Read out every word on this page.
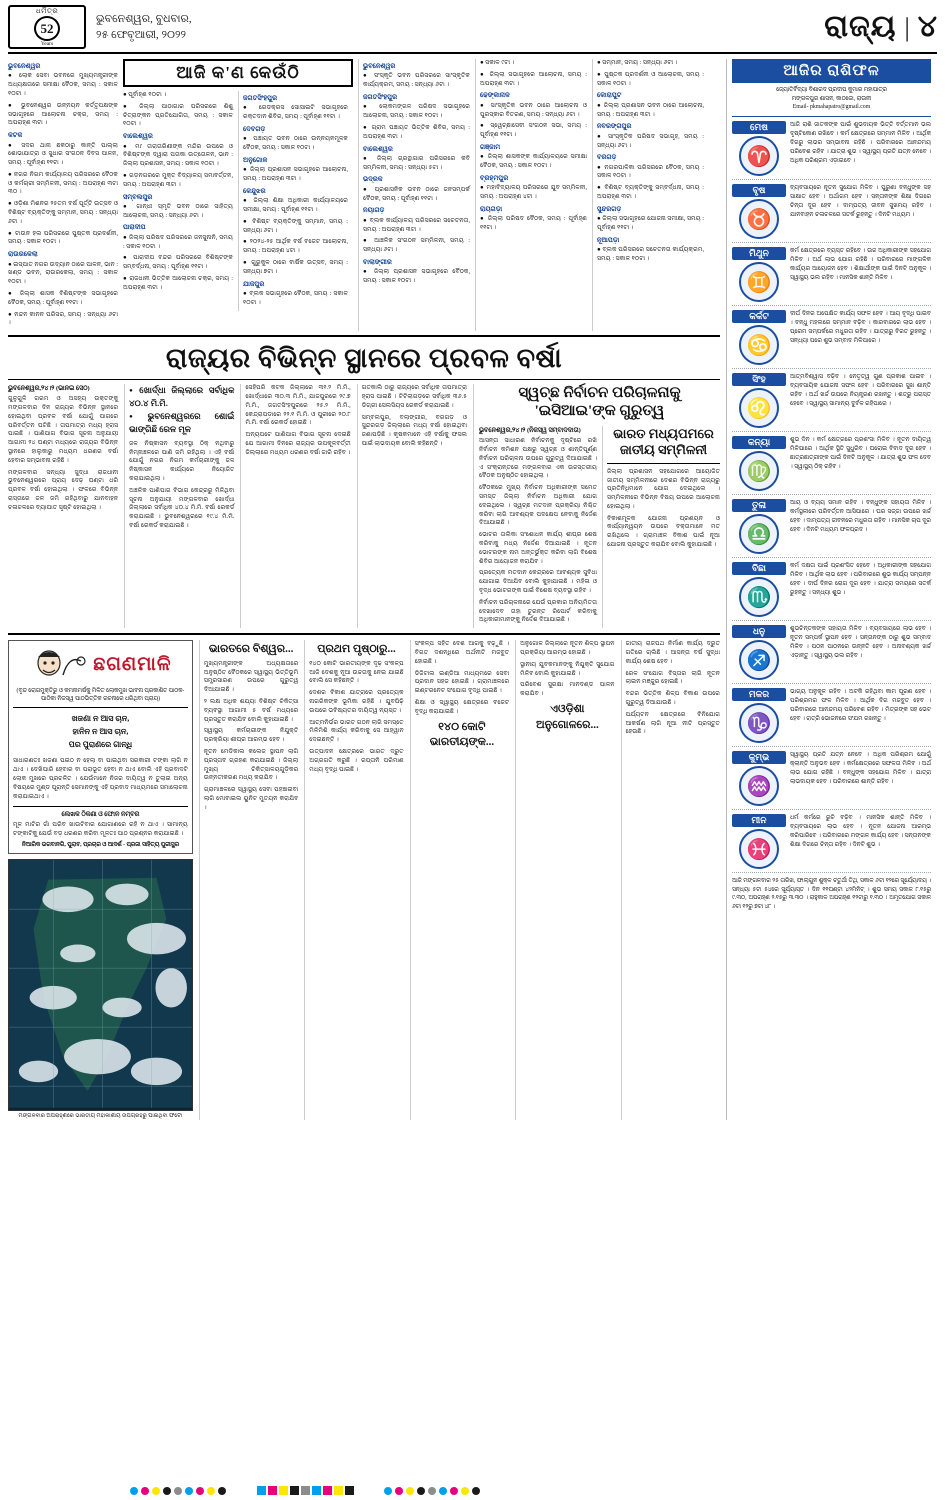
ଧର୍ମିତ୍ର
52
Years
ଭୁବନେଶ୍ୱର, ବୁଧବାର,
୨୫ ଫେବୃଆରୀ, ୨୦୨୨	ରାଜ୍ୟ | ୪
ଭୁବନେଶ୍ୱର

● ଲୋକ ସେବା ଭବନରେ ମୁଖ୍ୟମନ୍ତ୍ରୀଙ୍କ ଅଧ୍ୟକ୍ଷତାରେ ସମୀକ୍ଷା ବୈଠକ, ସମୟ : ସକାଳ ୧୦ଟା ।

● ଭୁବନେଶ୍ୱର ଉନ୍ନୟନ କର୍ତ୍ତୃପକ୍ଷଙ୍କ ସଭାଗୃହରେ ଆଲୋଚନା ଚକ୍ର, ସମୟ : ଅପରାହ୍ଣ ୩ଟା ।

କଟକ

● ସଦର ଥାନା ଛକଠାରୁ କାନ୍ତି ପାଲ୍ଲା ଶୋଭାଯାତ୍ରା ଓ ସୁଧାର ସଂଗଠନ ଦିବସ ପାଳନ, ସମୟ : ପୂର୍ବାହ୍ଣ ୧୧ଟା ।

● ନଗର ନିଗମ କାର୍ଯ୍ୟାଳୟ ପରିସରରେ ବୈଠକ ଓ କର୍ମଚାରୀ ସମ୍ମିଳନୀ, ସମୟ : ଅପରାହ୍ଣ ୩ଟା ୩୦ ।

● ଓଡ଼ିଶା ମିଶନର ୨୫ତମ ବର୍ଷ ପୂର୍ତ୍ତି ଉତ୍ସବ ଓ ବିଶିଷ୍ଟ ବ୍ୟକ୍ତିଙ୍କୁ ସମ୍ମାନ, ସମୟ : ସନ୍ଧ୍ୟା ୬ଟା ।

● ଟାଉନ ହଲ ପରିସରରେ ପୁଷ୍ତକ ପ୍ରଦର୍ଶନୀ, ସମୟ : ସକାଳ ୧୦ଟା ।

ରାଉରକେଲା

● ଇସ୍ପାତ ନଗର ଉଦ୍ୟାନ ଠାରେ ପାଳନ, ଭାନ : ଖଣ୍ଡ ଭବନ, ରାଉରକେଲା, ସମୟ : ସକାଳ ୧୦ଟା ।

● ଜିଲ୍ଲା ଶାସକ ବିଶିଷ୍ଟଙ୍କ ସଭାଗୃହରେ ବୈଠକ, ସମୟ : ପୂର୍ବାହ୍ଣ ୧୧ଟା ।

● ନନ୍ଦନ କାନନ ପରିସର, ସମୟ : ସନ୍ଧ୍ୟା ୬ଟା ।

ଆଜି କ'ଣ କେଉଁଠି

● ପୂର୍ବାହ୍ଣ ୧୦ଟା ।

● ଜିଲ୍ଲା ପାଠାଗାର ପରିସରରେ ଶିଶୁ ଚିତ୍ରାଙ୍କନ ପ୍ରତିଯୋଗିତା, ସମୟ : ସକାଳ ୧୦ଟା ।

ବାଲେଶ୍ୱର

● ମା' ତାରାତାରିଣୀଙ୍କ ମନ୍ଦିର ଉପରେ ଓ ବିଶିଷ୍ଟଙ୍କ ଦ୍ୱାରା ପତାକା ଉତ୍ତୋଳନ, ଭାନ : ଜିଲ୍ଲା ପ୍ରଶାସନ, ସମୟ : ସକାଳ ୧୦ଟା ।

● ଗଡ଼ନଗରରେ ମୁକ୍ତ ବିଦ୍ୟାଳୟ ସମାବର୍ତ୍ତନ, ସମୟ : ଅପରାହ୍ଣ ୩ଟା ।

ସମ୍ବଲପୁର

● ଗାନ୍ଧୀ ସ୍ମୃତି ଭବନ ଠାରେ ସାହିତ୍ୟ ଆଲୋଚନା, ସମୟ : ସନ୍ଧ୍ୟା ୬ଟା ।

ପାରାଦୀପ

● ଜିଲ୍ଲା ପରିଷଦ ପରିସରରେ ଜନସୁନାନି, ସମୟ : ସକାଳ ୧୦ଟା ।

● ପାରାଦୀପ ବନ୍ଦର ପରିସରରେ ବିଶିଷ୍ଟଙ୍କ ସମ୍ବର୍ଦ୍ଧନା, ସମୟ : ପୂର୍ବାହ୍ଣ ୧୧ଟା ।

● ରାଜଧାନୀ ଭିତ୍ତିକ ଆଲୋଚନା ଚକ୍ର, ସମୟ : ଅପରାହ୍ଣ ୩ଟା ।

ଜଗତସିଂହପୁର

● ରେଡକ୍ରସ ସୋସାଇଟି ସଭାଗୃହରେ ରକ୍ତଦାନ ଶିବିର, ସମୟ : ପୂର୍ବାହ୍ଣ ୧୧ଟା ।

ଦେବଗଡ଼

● ପଞ୍ଚାୟତ ଭବନ ଠାରେ ଉନ୍ନୟନମୂଳକ ବୈଠକ, ସମୟ : ସକାଳ ୧୦ଟା ।

ଅନୁଗୋଳ

● ଜିଲ୍ଲା ପ୍ରଶାସନ ସଭାଗୃହରେ ଆଲୋଚନା, ସମୟ : ଅପରାହ୍ଣ ୩ଟା ।

କେନ୍ଦୁଝର

● ଜିଲ୍ଲା ଶିକ୍ଷା ଅଧିକାରୀ କାର୍ଯ୍ୟାଳୟରେ ସମୀକ୍ଷା, ସମୟ : ପୂର୍ବାହ୍ଣ ୧୧ଟା ।

● ବିଶିଷ୍ଟ ବ୍ୟକ୍ତିଙ୍କୁ ସମ୍ମାନ, ସମୟ : ସନ୍ଧ୍ୟା ୬ଟା ।

● ୨୦୨୪-୨୫ ଆର୍ଥିକ ବର୍ଷ ବଜେଟ ଆଲୋଚନା, ସମୟ : ଅପରାହ୍ଣ ୪ଟା ।

● ଗୁରୁକୁଳ ଠାରେ ବାର୍ଷିକ ଉତ୍ସବ, ସମୟ : ସନ୍ଧ୍ୟା ୭ଟା ।

ଯାଜପୁର

● ବ୍ଲକ ସଭାଗୃହରେ ବୈଠକ, ସମୟ : ସକାଳ ୧୦ଟା ।

ଭୁବନେଶ୍ୱର

● ସଂସ୍କୃତି ଭବନ ପରିସରରେ ସାଂସ୍କୃତିକ କାର୍ଯ୍ୟକ୍ରମ, ସମୟ : ସନ୍ଧ୍ୟା ୬ଟା ।

ଜଗତସିଂହପୁର

● ଲୋକମଙ୍ଗଳ ପରିଷଦ ସଭାଗୃହରେ ଆଲୋଚନା, ସମୟ : ସକାଳ ୧୦ଟା ।

● ଗ୍ରାମ ପଞ୍ଚାୟତ ଭିତ୍ତିକ ଶିବିର, ସମୟ : ଅପରାହ୍ଣ ୩ଟା ।

ବାଲେଶ୍ୱର

● ଜିଲ୍ଲା ଗ୍ରନ୍ଥାଗାର ପରିସରରେ କବି ସମ୍ମିଳନୀ, ସମୟ : ସନ୍ଧ୍ୟା ୫ଟା ।

ଭଦ୍ରକ

● ପ୍ରଶାସନିକ ଭବନ ଠାରେ ଜନସମ୍ପର୍କ ବୈଠକ, ସମୟ : ପୂର୍ବାହ୍ଣ ୧୧ଟା ।

ନୟାଗଡ଼

● ବ୍ଲକ କାର୍ଯ୍ୟାଳୟ ପରିସରରେ ସଚେତନତା, ସମୟ : ଅପରାହ୍ଣ ୩ଟା ।

● ଆଞ୍ଚଳିକ ସଂଗଠନ ସମ୍ମିଳନୀ, ସମୟ : ସନ୍ଧ୍ୟା ୬ଟା ।

ବାଲାଙ୍ଗୀର

● ଜିଲ୍ଲା ପ୍ରଶାସନ ସଭାଗୃହରେ ବୈଠକ, ସମୟ : ସକାଳ ୧୦ଟା ।

● ସକାଳ ୯ଟା ।

● ଜିଲ୍ଲା ସଭାଗୃହରେ ଆଲୋଚନା, ସମୟ : ଅପରାହ୍ଣ ୩ଟା ।

ଢେଙ୍କାନାଳ

● ସାଂସ୍କୃତିକ ଭବନ ଠାରେ ଆଲୋଚନା ଓ ପୁରସ୍କାର ବିତରଣ, ସମୟ : ସନ୍ଧ୍ୟା ୬ଟା ।

● ସ୍ୱେଚ୍ଛାସେବୀ ସଂଗଠନ ସଭା, ସମୟ : ପୂର୍ବାହ୍ଣ ୧୧ଟା ।

ଗଞ୍ଜାମ

● ଜିଲ୍ଲା ଶାସକଙ୍କ କାର୍ଯ୍ୟାଳୟରେ ସମୀକ୍ଷା ବୈଠକ, ସମୟ : ସକାଳ ୧୦ଟା ।

ବ୍ରହ୍ମପୁର

● ମହାବିଦ୍ୟାଳୟ ପରିସରରେ ଯୁବ ସମ୍ମିଳନୀ, ସମୟ : ଅପରାହ୍ଣ ୪ଟା ।

ରାୟଗଡ଼ା

● ଜିଲ୍ଲା ପରିଷଦ ବୈଠକ, ସମୟ : ପୂର୍ବାହ୍ଣ ୧୧ଟା ।

● ସମ୍ମାନ, ସମୟ : ସନ୍ଧ୍ୟା ୬ଟା ।

● ପୁଷ୍ତକ ପ୍ରଦର୍ଶନୀ ଓ ଆଲୋଚନା, ସମୟ : ସକାଳ ୧୦ଟା ।

କୋରାପୁଟ

● ଜିଲ୍ଲା ପ୍ରଶାସନ ଭବନ ଠାରେ ଆଲୋଚନା, ସମୟ : ଅପରାହ୍ଣ ୩ଟା ।

ନବରଙ୍ଗପୁର

● ସାଂସ୍କୃତିକ ପରିଷଦ ସଭାଗୃହ, ସମୟ : ସନ୍ଧ୍ୟା ୬ଟା ।

ବରଗଡ଼

● ନଗରପାଳିକା ପରିସରରେ ବୈଠକ, ସମୟ : ସକାଳ ୧୦ଟା ।

● ବିଶିଷ୍ଟ ବ୍ୟକ୍ତିଙ୍କୁ ସମ୍ବର୍ଦ୍ଧନା, ସମୟ : ଅପରାହ୍ଣ ୩ଟା ।

ସୁନ୍ଦରଗଡ଼

● ଜିଲ୍ଲା ସଭାଗୃହରେ ଯୋଜନା ସମୀକ୍ଷା, ସମୟ : ପୂର୍ବାହ୍ଣ ୧୧ଟା ।

ନୂଆପଡ଼ା

● ବ୍ଲକ ପରିସରରେ ସଚେତନତା କାର୍ଯ୍ୟକ୍ରମ, ସମୟ : ସକାଳ ୧୦ଟା ।

ରାଜ୍ୟର ବିଭିନ୍ନ ସ୍ଥାନରେ ପ୍ରବଳ ବର୍ଷା
ଭୁବନେଶ୍ୱର,୨୪।୨ (ଭାନଇ ସେଠ)

ଗୁଳୁଗୁଳି ଗରମ ଓ ଅସହ୍ୟ ଉକ୍ତଙ୍କୁ ମଙ୍ଗଳବାର ଦିନ ରାଜ୍ୟର ବିଭିନ୍ନ ସ୍ଥାନରେ ହୋଇଥିବା ପ୍ରବଳ ବର୍ଷା ଯୋଗୁଁ ପାଗରେ ପରିବର୍ତ୍ତନ ଘଟିଛି । ତାପମାତ୍ରା ମଧ୍ୟ ହ୍ରାସ ପାଇଛି । ପାଣିପାଗ ବିଭାଗ ସୂଚନା ଅନୁଯାୟୀ ଆଗାମୀ ୨୪ ଘଣ୍ଟା ମଧ୍ୟରେ ରାଜ୍ୟର ବିଭିନ୍ନ ସ୍ଥାନରେ ହାଲୁକାରୁ ମଧ୍ୟମ ଧରଣର ବର୍ଷା ହେବାର ସମ୍ଭାବନା ରହିଛି ।

ମଙ୍ଗଳବାର ସନ୍ଧ୍ୟା ସୁଦ୍ଧା ରାଜଧାନୀ ଭୁବନେଶ୍ୱରରେ ପ୍ରାୟ ଦେଢ଼ ଘଣ୍ଟା ଧରି ପ୍ରବଳ ବର୍ଷା ହୋଇଥିଲା । ଫଳରେ ବିଭିନ୍ନ ରାସ୍ତାରେ ଜଳ ଜମି ରହିଥିବାରୁ ଯାନବାହନ ଚଳାଚଳରେ ବ୍ୟାଘାତ ସୃଷ୍ଟି ହୋଇଥିଲା ।

● ଖୋର୍ଦ୍ଧା ଜିଲ୍ଲାରେ ସର୍ବାଧିକ ୪୦.୪ ମି.ମି.
● ଭୁବନେଶ୍ୱରରେ ଶୋଇଁ ଭାଙ୍ଗିଛି ରେଳ ମୂଳ

ଜଳ ନିଷ୍କାସନ ବ୍ୟବସ୍ଥା ଠିକ୍ ନଥିବାରୁ ନିମ୍ନାଞ୍ଚଳରେ ପାଣି ଜମି ରହିଥିଲା । ଏହି ବର୍ଷା ଯୋଗୁଁ ନଗର ନିଗମ କର୍ମଚାରୀଙ୍କୁ ଜଳ ନିଷ୍କାସନ କାର୍ଯ୍ୟରେ ନିୟୋଜିତ କରାଯାଇଥିଲା ।

ଅଞ୍ଚଳିକ ପାଣିପାଗ ବିଭାଗ କେନ୍ଦ୍ରରୁ ମିଳିଥିବା ସୂଚନା ଅନୁଯାୟୀ ମଙ୍ଗଳବାର ଖୋର୍ଦ୍ଧା ଜିଲ୍ଲାରେ ସର୍ବାଧିକ ୪୦.୪ ମି.ମି. ବର୍ଷା ରେକର୍ଡ କରାଯାଇଛି । ଭୁବନେଶ୍ୱରରେ ୧୯.୪ ମି.ମି. ବର୍ଷା ରେକର୍ଡ କରାଯାଇଛି ।

ସେହିପରି କଟକ ଜିଲ୍ଲାରେ ୩୧.୨ ମି.ମି., ଖୋର୍ଦ୍ଧାରେ ୩୦.୩ ମି.ମି., ଯାଜପୁରରେ ୨୯.୭ ମି.ମି., ଜଗତସିଂହପୁରରେ ୨୫.୨ ମି.ମି., କେନ୍ଦ୍ରାପଡ଼ାରେ ୨୨.୧ ମି.ମି. ଓ ପୁରୀରେ ୨୦.୮ ମି.ମି. ବର୍ଷା ରେକର୍ଡ ହୋଇଛି ।

ଅନ୍ୟପଟେ ପାଣିପାଗ ବିଭାଗ ସୂଚନା ଦେଇଛି ଯେ ଆଗାମୀ ଦିନରେ ରାଜ୍ୟର ଉପକୂଳବର୍ତ୍ତୀ ଜିଲ୍ଲାରେ ମଧ୍ୟମ ଧରଣର ବର୍ଷା ଜାରି ରହିବ ।

ଗତକାଲି ଠାରୁ ରାଜ୍ୟରେ ସର୍ବାଧିକ ତାପମାତ୍ରା ହ୍ରାସ ପାଇଛି । ଟିଟିଲାଗଡ଼ରେ ସର୍ବାଧିକ ୩୬.୫ ଡିଗ୍ରୀ ସେଲସିୟସ ରେକର୍ଡ କରାଯାଇଛି ।

ସମ୍ବଲପୁର, ବଲାଙ୍ଗୀର, ବରଗଡ଼ ଓ ସୁନ୍ଦରଗଡ଼ ଜିଲ୍ଲାରେ ମଧ୍ୟ ବର୍ଷା ହୋଇଥିବା ଜଣାପଡ଼ିଛି । କୃଷକମାନେ ଏହି ବର୍ଷାକୁ ଫସଲ ପାଇଁ ଲାଭଦାୟକ ବୋଲି କହିଛନ୍ତି ।

ସ୍ୱଚ୍ଛ ନିର୍ବାଚନ ପରିଚାଳନାକୁ 'ଇସିଆଇ'ଙ୍କ ଗୁରୁତ୍ୱ
ଭୁବନେଶ୍ୱର,୨୪।୨ (ନିଜସ୍ୱ ସମ୍ବାଦଦାତା)

ଆସନ୍ତା ସାଧାରଣ ନିର୍ବାଚନକୁ ଦୃଷ୍ଟିରେ ରଖି ନିର୍ବାଚନ କମିଶନ ପକ୍ଷରୁ ସ୍ୱଚ୍ଛ ଓ ଶାନ୍ତିପୂର୍ଣ୍ଣ ନିର୍ବାଚନ ପରିଚାଳନା ଉପରେ ଗୁରୁତ୍ୱ ଦିଆଯାଇଛି । ଏ ସଂକ୍ରାନ୍ତରେ ମଙ୍ଗଳବାର ଏକ ଉଚ୍ଚସ୍ତରୀୟ ବୈଠକ ଅନୁଷ୍ଠିତ ହୋଇଥିଲା ।

ବୈଠକରେ ମୁଖ୍ୟ ନିର୍ବାଚନ ଅଧିକାରୀଙ୍କ ସମେତ ସମସ୍ତ ଜିଲ୍ଲା ନିର୍ବାଚନ ଅଧିକାରୀ ଯୋଗ ଦେଇଥିଲେ । ସ୍ୱଚ୍ଛ ମତଦାନ ପ୍ରକ୍ରିୟା ନିଶ୍ଚିତ କରିବା ଲାଗି ଆବଶ୍ୟକ ପଦକ୍ଷେପ ନେବାକୁ ନିର୍ଦ୍ଦେଶ ଦିଆଯାଇଛି ।

ଭୋଟର ତାଲିକା ସଂଶୋଧନ କାର୍ଯ୍ୟ ଶୀଘ୍ର ଶେଷ କରିବାକୁ ମଧ୍ୟ ନିର୍ଦ୍ଦେଶ ଦିଆଯାଇଛି । ନୂତନ ଭୋଟରଙ୍କ ନାମ ଅନ୍ତର୍ଭୁକ୍ତ କରିବା ଲାଗି ବିଶେଷ ଶିବିର ଆୟୋଜନ କରାଯିବ ।

ପ୍ରତ୍ୟେକ ମତଦାନ କେନ୍ଦ୍ରରେ ଆବଶ୍ୟକ ସୁବିଧା ଯୋଗାଇ ଦିଆଯିବ ବୋଲି କୁହାଯାଇଛି । ମହିଳା ଓ ବୃଦ୍ଧ ଭୋଟରଙ୍କ ପାଇଁ ବିଶେଷ ବ୍ୟବସ୍ଥା ରହିବ ।

ନିର୍ବାଚନ ପରିଚାଳନାରେ ଯେଉଁ ପ୍ରକାର ଅନିୟମିତତା ଦେଖାଦେବ ତାହା ତୁରନ୍ତ ରିପୋର୍ଟ କରିବାକୁ ଅଧିକାରୀମାନଙ୍କୁ ନିର୍ଦ୍ଦେଶ ଦିଆଯାଇଛି ।

ଭାରତ ମଧ୍ୟପମରେ ଜାତୀୟ ସମ୍ମିଳନୀ

ଜିଲ୍ଲା ପ୍ରଶାସନ ସହଯୋଗରେ ଆୟୋଜିତ ଜାତୀୟ ସମ୍ମିଳନୀରେ ଦେଶର ବିଭିନ୍ନ ରାଜ୍ୟରୁ ପ୍ରତିନିଧିମାନେ ଯୋଗ ଦେଇଥିଲେ । ସମ୍ମିଳନୀରେ ବିଭିନ୍ନ ବିଷୟ ଉପରେ ଆଲୋଚନା ହୋଇଥିଲା ।

ବିକାଶମୂଳକ ଯୋଜନା ପ୍ରଣୟନ ଓ କାର୍ଯ୍ୟାନ୍ୱୟନ ଉପରେ ବକ୍ତାମାନେ ମତ ରଖିଥିଲେ । ଗ୍ରାମାଞ୍ଚଳ ବିକାଶ ପାଇଁ ନୂଆ ଯୋଜନା ପ୍ରସ୍ତୁତ କରାଯିବ ବୋଲି କୁହାଯାଇଛି ।

ଛଗଣମାଳି
(ବୃନ୍ଦ ରୋଗମୁକ୍ତିରୁ ଓ କମନାମର୍ଷକୁ ମିଳିତ ଲୋକମୁଖ ଭାବନା ପ୍ରକାଶିତ ପାଠକ-ପାଠିକା ନିଜସ୍ୱ ପାଠଭିତ୍ତିକ ରଚନାରେ ଧରିଥିବା ପ୍ରାୟ)
ଖଜଣା ନ ଆସ ଚାନ,
ହାନିନ ନ ଆସ ଚାନ,
ପର ପୁରାଣରେ ଗାନ୍ଧି
ସାଧାରଣତଃ ଖଜଣା ପଇଠ ନ ହେଲା ବା ପାଇଥିବା ସରକାରୀ ଟଙ୍କା ଲାଗି ନ ଥାଏ । ଦେଖିପାରି ହେବାର ବା ପରାଭୂତ ହେବା ନ ଥାଏ ବୋଲି ଏହି ପ୍ରବାଦଟି ଲୋକ ମୁଖରେ ପ୍ରଚଳିତ । ଯେଉଁମାନେ ନିଜର ଦାୟିତ୍ୱ ନ ତୁଲାଇ ଅନ୍ୟ ବିଷୟରେ ମୁଣ୍ଡ ପୂରାନ୍ତି ସେମାନଙ୍କୁ ଏହି ପ୍ରବାଦ ମାଧ୍ୟମରେ ସମାଲୋଚନା କରାଯାଇଥାଏ ।
ଲେଖକ ଠିକଣା ଓ ଫୋନ ନମ୍ବର
ମୂଳ ମାଟିର ଗାଁ ପରିବ ଖାଉଟିବାର ଯୋଗାଣରେ ରହି ନ ଥାଏ । ସାମାନ୍ୟ ଟଙ୍କାଟିକୁ ଯେଉଁ ବଡ଼ ଧରଣର କରିବା ମୂଳତଃ ପାଠ ପ୍ରଶ୍ନର କରାଯାଇଛି ।
ନିଆରିକ ଭଗବାନଗି, ପୁରାବ, ପ୍ରଚାର ଓ ଆଦର୍ଶ - ପ୍ରଜା ସାହିତ୍ୟ ପୁରୀସ୍କ୍ର
ମଙ୍ଗଳବାର ଅପରାହ୍ଣରେ ଭାରତୀୟ ମହାକାଶୀୟ ଉପଗ୍ରହରୁ ପାଇଥିବା ଫଟୋ
ଭାରତରେ ବିଶ୍ୱର...

ମୁଖ୍ୟମନ୍ତ୍ରୀଙ୍କ ଅଧ୍ୟକ୍ଷତାରେ ଅନୁଷ୍ଠିତ ବୈଠକରେ ସ୍ୱାସ୍ଥ୍ୟ ଭିତ୍ତିଭୂମି ସମ୍ପ୍ରସାରଣ ଉପରେ ଗୁରୁତ୍ୱ ଦିଆଯାଇଛି ।

୨ ଲକ୍ଷ ଅଧିକ ଶଯ୍ୟା ବିଶିଷ୍ଟ ଚିକିତ୍ସା ବ୍ୟବସ୍ଥା ଆଗାମୀ ୫ ବର୍ଷ ମଧ୍ୟରେ ପ୍ରସ୍ତୁତ କରାଯିବ ବୋଲି କୁହାଯାଇଛି ।

ସ୍ୱାସ୍ଥ୍ୟ କର୍ମଚାରୀଙ୍କ ନିଯୁକ୍ତି ପ୍ରକ୍ରିୟା ଶୀଘ୍ର ଆରମ୍ଭ ହେବ ।

ନୂତନ ମେଡିକାଲ କଲେଜ ସ୍ଥାପନ ଲାଗି ପ୍ରସ୍ତାବ ଗ୍ରହଣ କରାଯାଇଛି । ଜିଲ୍ଲା ମୁଖ୍ୟ ଚିକିତ୍ସାଳୟଗୁଡ଼ିକର ଉନ୍ନତୀକରଣ ମଧ୍ୟ କରାଯିବ ।

ଗ୍ରାମାଞ୍ଚଳରେ ସ୍ୱାସ୍ଥ୍ୟ ସେବା ପହଞ୍ଚାଇବା ଲାଗି ମୋବାଇଲ ୟୁନିଟ ମୁତୟନ କରାଯିବ ।

ପ୍ରଥମ ପୃଷ୍ଠାରୁ...

୧୪୦ କୋଟି ଭାରତୀୟଙ୍କ ଦୃଢ଼ ସଂକଳ୍ପ ଆଜି ଦେଶକୁ ନୂଆ ଉଚ୍ଚତାକୁ ନେଇ ଯାଇଛି ବୋଲି ସେ କହିଛନ୍ତି ।

ଦେଶର ବିକାଶ ଯାତ୍ରାରେ ପ୍ରତ୍ୟେକ ନାଗରିକଙ୍କ ଭୂମିକା ରହିଛି । ଯୁବପିଢ଼ି ଉପରେ ଭବିଷ୍ୟତର ଦାୟିତ୍ୱ ନ୍ୟସ୍ତ ।

ଆତ୍ମନିର୍ଭର ଭାରତ ଗଠନ ଲାଗି ସମସ୍ତେ ମିଳିମିଶି କାର୍ଯ୍ୟ କରିବାକୁ ସେ ଆହ୍ୱାନ ଦେଇଛନ୍ତି ।

ଉତ୍ପାଦନ କ୍ଷେତ୍ରରେ ଭାରତ ଦ୍ରୁତ ଅଗ୍ରଗତି କରୁଛି । ରପ୍ତାନି ପରିମାଣ ମଧ୍ୟ ବୃଦ୍ଧି ପାଇଛି ।

ସଂକଳ୍ପ ସହିତ ଦେଶ ଆଗକୁ ବଢ଼ୁଛି । ବିଗତ ଦଶନ୍ଧିରେ ଅର୍ଥନୀତି ମଜବୁତ ହୋଇଛି ।

ଡିଜିଟାଲ ଇଣ୍ଡିଆ ମାଧ୍ୟମରେ ସେବା ପ୍ରଦାନ ସହଜ ହୋଇଛି । ଗ୍ରାମାଞ୍ଚଳରେ ଇଣ୍ଟରନେଟ ସଂଯୋଗ ବୃଦ୍ଧି ପାଇଛି ।

ଶିକ୍ଷା ଓ ସ୍ୱାସ୍ଥ୍ୟ କ୍ଷେତ୍ରରେ ବଜେଟ ବୃଦ୍ଧି କରାଯାଇଛି ।

୧୪୦ କୋଟି ଭାରତୀୟଙ୍କ...

ଅନୁଗୋଳ ଜିଲ୍ଲାରେ ନୂତନ ଶିଳ୍ପ ସ୍ଥାପନ ପ୍ରକ୍ରିୟା ଆରମ୍ଭ ହୋଇଛି ।

ସ୍ଥାନୀୟ ଯୁବକମାନଙ୍କୁ ନିଯୁକ୍ତି ସୁଯୋଗ ମିଳିବ ବୋଲି କୁହାଯାଇଛି ।

ପରିବେଶ ସୁରକ୍ଷା ମାନଦଣ୍ଡ ପାଳନ କରାଯିବ ।

ଏଓଡ଼ିଶା ଅନୁଗୋଳରେ...

ଜାତୀୟ ରାଜପଥ ନିର୍ମାଣ କାର୍ଯ୍ୟ ଦ୍ରୁତ ଗତିରେ ଚାଲିଛି । ଆସନ୍ତା ବର୍ଷ ସୁଦ୍ଧା କାର୍ଯ୍ୟ ଶେଷ ହେବ ।

ରେଳ ସଂଯୋଗ ବିସ୍ତାର ଲାଗି ନୂତନ ଲାଇନ ମଞ୍ଜୁର ହୋଇଛି ।

ବନ୍ଦର ଭିତ୍ତିକ ଶିଳ୍ପ ବିକାଶ ଉପରେ ଗୁରୁତ୍ୱ ଦିଆଯାଉଛି ।

ପର୍ଯ୍ୟଟନ କ୍ଷେତ୍ରରେ ବିନିଯୋଗ ଆକର୍ଷଣ ଲାଗି ନୂଆ ନୀତି ପ୍ରସ୍ତୁତ ହେଉଛି ।

ଆଜିର ରାଶିଫଳ
ଜ୍ୟୋତିର୍ବିଦ୍ୟା ବିଶାରଦ ପ୍ରଦୀପ କୁମାର ମହାପାତ୍ର
ମଙ୍ଗଳପୁର ଶାସନ, କାଠଜୋ, ରାଉନୀ
Email- pkmahapatro@gmail.com
ମେଷ
♈
ଆଜି ରାଶି ଜାତକଙ୍କ ପାଇଁ ଶୁଭଦାୟକ ଭିତ୍ତି ବର୍ତ୍ତମାନ ଭଲ ଦୃଷ୍ଟିକୋଣ ରଖିବେ । କର୍ମ କ୍ଷେତ୍ରରେ ସମ୍ମାନ ମିଳିବ । ଆର୍ଥିକ ଦିଗରୁ ଲାଭର ସମ୍ଭାବନା ରହିଛି । ପରିବାରରେ ଆନନ୍ଦମୟ ପରିବେଶ ରହିବ । ଯାତ୍ରା ଶୁଭ । ସ୍ୱାସ୍ଥ୍ୟ ପ୍ରତି ଯତ୍ନ ନେବେ । ଅଧିକ ପରିଶ୍ରମ ଏଡ଼ାଇବେ ।
ବୃଷ
♉
ବ୍ୟବସାୟରେ ନୂତନ ସୁଯୋଗ ମିଳିବ । ପୁରୁଣା ବନ୍ଧୁଙ୍କ ସହ ସାକ୍ଷାତ ହେବ । ଅର୍ଥାଗମ ହେବ । ସନ୍ତାନଙ୍କ ଶିକ୍ଷା ଦିଗରେ ଚିନ୍ତା ଦୂର ହେବ । ଦାମ୍ପତ୍ୟ ଜୀବନ ସୁଖମୟ ରହିବ । ଯାନବାହନ ଚଳାଚଳରେ ସତର୍କ ରୁହନ୍ତୁ । ଦିନଟି ମଧ୍ୟମ ।
ମିଥୁନ
♊
କର୍ମ କ୍ଷେତ୍ରରେ ବ୍ୟସ୍ତ ରହିବେ । ଉଚ୍ଚ ଅଧିକାରୀଙ୍କ ସହଯୋଗ ମିଳିବ । ଅର୍ଥ ଲାଭ ଯୋଗ ରହିଛି । ପରିବାରରେ ମାଙ୍ଗଳିକ କାର୍ଯ୍ୟର ଆୟୋଜନ ହେବ । ଶିକ୍ଷାର୍ଥୀଙ୍କ ପାଇଁ ଦିନଟି ଅନୁକୂଳ । ସ୍ୱାସ୍ଥ୍ୟ ଭଲ ରହିବ । ମାନସିକ ଶାନ୍ତି ମିଳିବ ।
କର୍କଟ
♋
ଦୀର୍ଘ ଦିନର ଅପେକ୍ଷିତ କାର୍ଯ୍ୟ ସଫଳ ହେବ । ଆୟ ବୃଦ୍ଧି ପାଇବ । ବନ୍ଧୁ ମହଲରେ ସମ୍ମାନ ବଢ଼ିବ । କାରବାରରେ ଲାଭ ହେବ । ପ୍ରେମ ସମ୍ପର୍କରେ ମଧୁରତା ରହିବ । ଯାତ୍ରାରୁ ବିରତ ରୁହନ୍ତୁ । ସନ୍ଧ୍ୟା ପରେ ଶୁଭ ସମ୍ବାଦ ମିଳିପାରେ ।
ସିଂହ
♌
ଆତ୍ମବିଶ୍ୱାସ ବଢ଼ିବ । ନେତୃତ୍ୱ ଗୁଣ ପ୍ରକାଶ ପାଇବ । ବ୍ୟବସାୟିକ ଯୋଜନା ସଫଳ ହେବ । ପରିବାରରେ ସୁଖ ଶାନ୍ତି ରହିବ । ଅର୍ଥ ଖର୍ଚ୍ଚ ଉପରେ ନିୟନ୍ତ୍ରଣ ରଖନ୍ତୁ । ଶତ୍ରୁ ପରାସ୍ତ ହେବେ । ସ୍ୱାସ୍ଥ୍ୟ ସାମାନ୍ୟ ଦୁର୍ବଳ ରହିପାରେ ।
କନ୍ୟା
♍
ଶୁଭ ଦିନ । କର୍ମ କ୍ଷେତ୍ରରେ ପ୍ରଶଂସା ମିଳିବ । ନୂତନ ଦାୟିତ୍ୱ ମିଳିପାରେ । ଆର୍ଥିକ ସ୍ଥିତି ସୁଧୁରିବ । ଘରୋଇ ବିବାଦ ଦୂର ହେବ । ଛାତ୍ରଛାତ୍ରୀଙ୍କ ପାଇଁ ଦିନଟି ଅନୁକୂଳ । ଯାତ୍ରା ଶୁଭ ଫଳ ଦେବ । ସ୍ୱାସ୍ଥ୍ୟ ଠିକ୍ ରହିବ ।
ତୁଳା
♎
ଆୟ ଓ ବ୍ୟୟ ସମାନ ରହିବ । ବନ୍ଧୁଙ୍କ ସହାୟତା ମିଳିବ । କର୍ମସ୍ଥଳୀରେ ପରିବର୍ତ୍ତନ ଆସିପାରେ । ଘର ସଜ୍ଜା ଉପରେ ଖର୍ଚ୍ଚ ହେବ । ଦାମ୍ପତ୍ୟ ଜୀବନରେ ମଧୁରତା ରହିବ । ମାନସିକ ଚାପ ଦୂର ହେବ । ଦିନଟି ମଧ୍ୟମ ଫଳପ୍ରଦ ।
ବିଛା
♏
କର୍ମ ଦକ୍ଷତା ପାଇଁ ପ୍ରଶଂସିତ ହେବେ । ଅଧିକାରୀଙ୍କ ସହଯୋଗ ମିଳିବ । ଆର୍ଥିକ ଲାଭ ହେବ । ପରିବାରରେ ଶୁଭ କାର୍ଯ୍ୟ ସମ୍ପନ୍ନ ହେବ । ଦୀର୍ଘ ଦିନର ରୋଗ ଦୂର ହେବ । ଯାତ୍ରା ସମୟରେ ସତର୍କ ରୁହନ୍ତୁ । ସନ୍ଧ୍ୟା ଶୁଭ ।
ଧନୁ
♐
ଶୁଭଚିନ୍ତକଙ୍କ ସହାୟତା ମିଳିବ । ବ୍ୟବସାୟରେ ଲାଭ ହେବ । ନୂତନ ସମ୍ପର୍କ ସ୍ଥାପନ ହେବ । ସନ୍ତାନଙ୍କ ଠାରୁ ଶୁଭ ସମ୍ବାଦ ମିଳିବ । ପଠନ ପାଠନରେ ଉନ୍ନତି ହେବ । ଅନାବଶ୍ୟକ ଖର୍ଚ୍ଚ ଏଡ଼ାନ୍ତୁ । ସ୍ୱାସ୍ଥ୍ୟ ଭଲ ରହିବ ।
ମକର
♑
ଭାଗ୍ୟ ଅନୁକୂଳ ରହିବ । ଅଟକି ରହିଥିବା କାମ ପୂରଣ ହେବ । ପରିଶ୍ରମର ଫଳ ମିଳିବ । ଆର୍ଥିକ ଦିଗ ମଜବୁତ ହେବ । ପରିବାରରେ ଆନନ୍ଦମୟ ପରିବେଶ ରହିବ । ମିତ୍ରଙ୍କ ସହ ଭେଟ ହେବ । ରାତ୍ରି ଭୋଜନରେ ସଂଯମ ରଖନ୍ତୁ ।
କୁମ୍ଭ
♒
ସ୍ୱାସ୍ଥ୍ୟ ପ୍ରତି ଯତ୍ନ ନେବେ । ଅଧିକ ପରିଶ୍ରମ ଯୋଗୁଁ କ୍ଲାନ୍ତି ଅନୁଭବ ହେବ । କର୍ମକ୍ଷେତ୍ରରେ ସଫଳତା ମିଳିବ । ଅର୍ଥ ଲାଭ ଯୋଗ ରହିଛି । ବନ୍ଧୁଙ୍କ ସହଯୋଗ ମିଳିବ । ଯାତ୍ରା ଲାଭଦାୟକ ହେବ । ପରିବାରରେ ଶାନ୍ତି ରହିବ ।
ମୀନ
♓
ଧର୍ମ କର୍ମରେ ରୁଚି ବଢ଼ିବ । ମାନସିକ ଶାନ୍ତି ମିଳିବ । ବ୍ୟବସାୟରେ ଲାଭ ହେବ । ନୂତନ ଯୋଜନା ଆରମ୍ଭ କରିପାରିବେ । ପରିବାରରେ ମଙ୍ଗଳ କାର୍ଯ୍ୟ ହେବ । ସନ୍ତାନଙ୍କ ଶିକ୍ଷା ଦିଗରେ ଚିନ୍ତା ରହିବ । ଦିନଟି ଶୁଭ ।
ଆଜି ମଙ୍ଗଳବାର ୨୫ ତାରିଖ, ଫାଲ୍ଗୁନ ଶୁକ୍ଳ ଚତୁର୍ଥୀ ତିଥି, ସକାଳ ୬ଟା ୧୨ରେ ସୂର୍ଯ୍ୟୋଦୟ । ସନ୍ଧ୍ୟା ୫ଟା ୫୪ରେ ସୂର୍ଯ୍ୟାସ୍ତ । ଦିନ ୧୧ଘଣ୍ଟା ୪୨ମିନିଟ୍ । ଶୁଭ ସମୟ ସକାଳ ୮.୧୫ରୁ ୯.୩୦, ଅପରାହ୍ଣ ୨.୧୫ରୁ ୩.୩୦ । ରାହୁକାଳ ଅପରାହ୍ଣ ୧୨ଟାରୁ ୧.୩୦ । ଅମୃତଯୋଗ ସକାଳ ୬ଟା ୧୨ରୁ ୭ଟା ୪୮ ।
